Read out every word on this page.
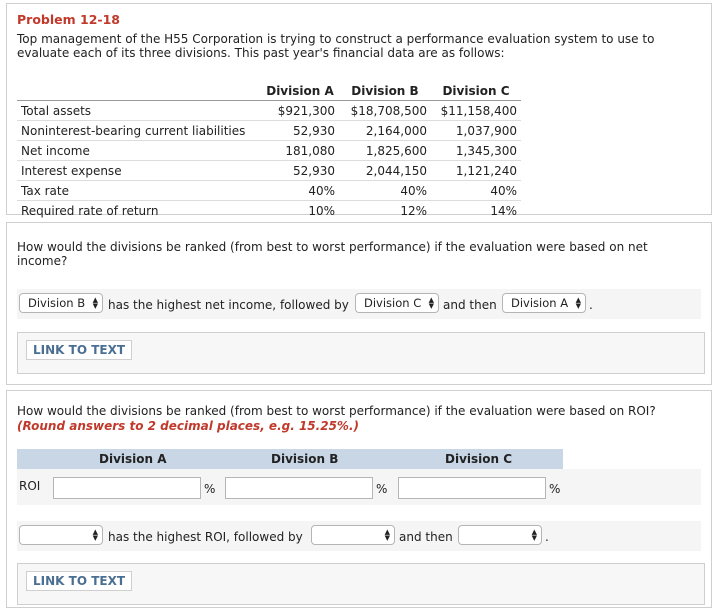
Problem 12-18
Top management of the H55 Corporation is trying to construct a performance evaluation system to use to evaluate each of its three divisions. This past year's financial data are as follows:
	Division A	Division B	Division C
Total assets	$921,300	$18,708,500	$11,158,400
Noninterest-bearing current liabilities	52,930	2,164,000	1,037,900
Net income	181,080	1,825,600	1,345,300
Interest expense	52,930	2,044,150	1,121,240
Tax rate	40%	40%	40%
Required rate of return	10%	12%	14%
How would the divisions be ranked (from best to worst performance) if the evaluation were based on net income?
Division B ▲
▼ has the highest net income, followed by Division C ▲
▼ and then Division A ▲
▼ .
LINK TO TEXT
How would the divisions be ranked (from best to worst performance) if the evaluation were based on ROI?
(Round answers to 2 decimal places, e.g. 15.25%.)
Division A	Division B	Division C
ROI	%	%	%
▲
▼ has the highest ROI, followed by	▲
▼ and then	▲
▼ .
LINK TO TEXT
